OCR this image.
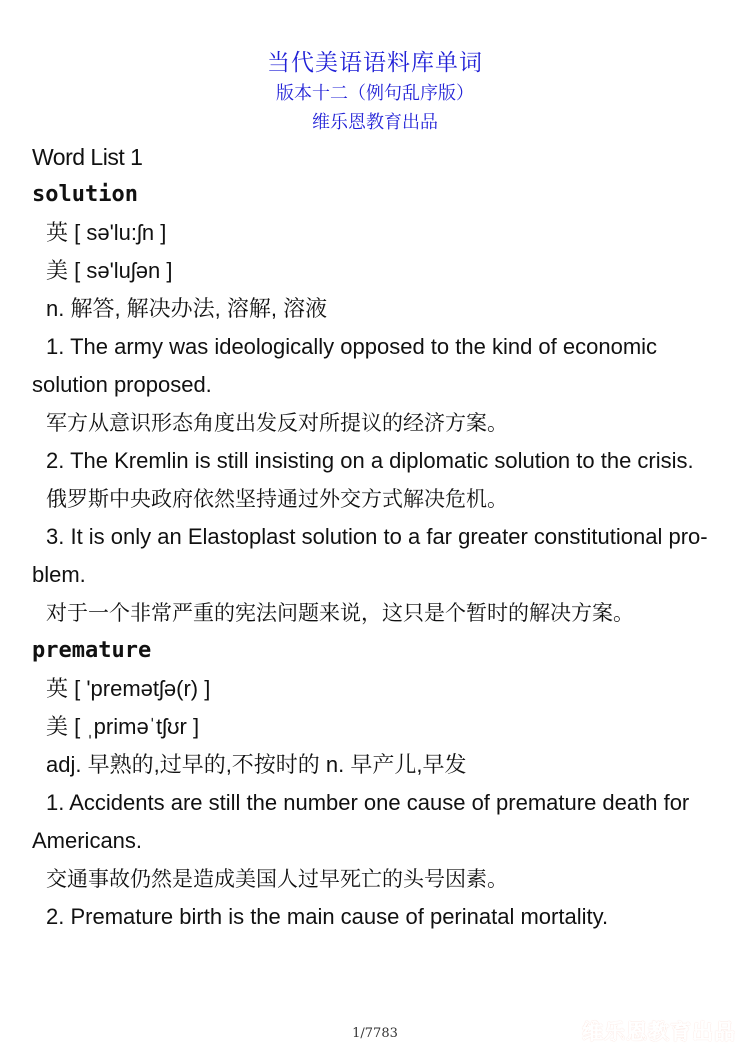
当代美语语料库单词
版本十二（例句乱序版）
维乐恩教育出品
Word List 1
solution
英 [ sə'lu:ʃn ]
美 [ sə'luʃən ]
n. 解答, 解决办法, 溶解, 溶液
1. The army was ideologically opposed to the kind of economic solution proposed.
军方从意识形态角度出发反对所提议的经济方案。
2. The Kremlin is still insisting on a diplomatic solution to the crisis.
俄罗斯中央政府依然坚持通过外交方式解决危机。
3. It is only an Elastoplast solution to a far greater constitutional pro-blem.
对于一个非常严重的宪法问题来说，这只是个暂时的解决方案。
premature
英 [ 'premətʃə(r) ]
美 [ ˌpriməˈtʃʊr ]
adj. 早熟的,过早的,不按时的 n. 早产儿,早发
1. Accidents are still the number one cause of premature death for Americans.
交通事故仍然是造成美国人过早死亡的头号因素。
2. Premature birth is the main cause of perinatal mortality.
1/7783	维乐恩教育出品
